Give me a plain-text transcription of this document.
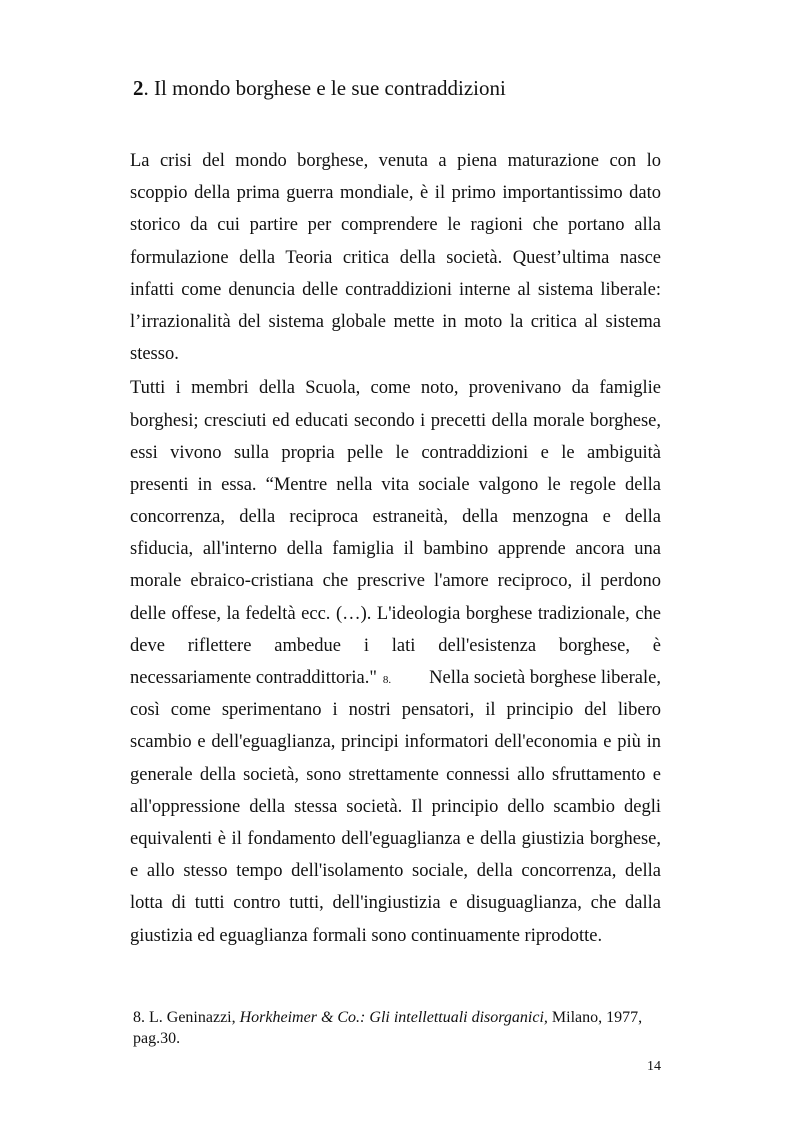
2. Il mondo borghese e le sue contraddizioni
La crisi del mondo borghese, venuta a piena maturazione con lo
scoppio della prima guerra mondiale, è il primo importantissimo dato
storico da cui partire per comprendere le ragioni che portano alla
formulazione della Teoria critica della società. Quest’ultima nasce
infatti come denuncia delle contraddizioni interne al sistema liberale:
l’irrazionalità del sistema globale mette in moto la critica al sistema
stesso.
Tutti i membri della Scuola, come noto, provenivano da famiglie
borghesi; cresciuti ed educati secondo i precetti della morale borghese,
essi vivono sulla propria pelle le contraddizioni e le ambiguità
presenti in essa. “Mentre nella vita sociale valgono le regole della
concorrenza, della reciproca estraneità, della menzogna e della
sfiducia, all'interno della famiglia il bambino apprende ancora una
morale ebraico-cristiana che prescrive l'amore reciproco, il perdono
delle offese, la fedeltà ecc. (…). L'ideologia borghese tradizionale, che
deve riflettere ambedue i lati dell'esistenza borghese, è
necessariamente contraddittoria." 8. Nella società borghese liberale,
così come sperimentano i nostri pensatori, il principio del libero
scambio e dell'eguaglianza, principi informatori dell'economia e più in
generale della società, sono strettamente connessi allo sfruttamento e
all'oppressione della stessa società. Il principio dello scambio degli
equivalenti è il fondamento dell'eguaglianza e della giustizia borghese,
e allo stesso tempo dell'isolamento sociale, della concorrenza, della
lotta di tutti contro tutti, dell'ingiustizia e disuguaglianza, che dalla
giustizia ed eguaglianza formali sono continuamente riprodotte.
8. L. Geninazzi, Horkheimer & Co.: Gli intellettuali disorganici, Milano, 1977,
pag.30.
14
